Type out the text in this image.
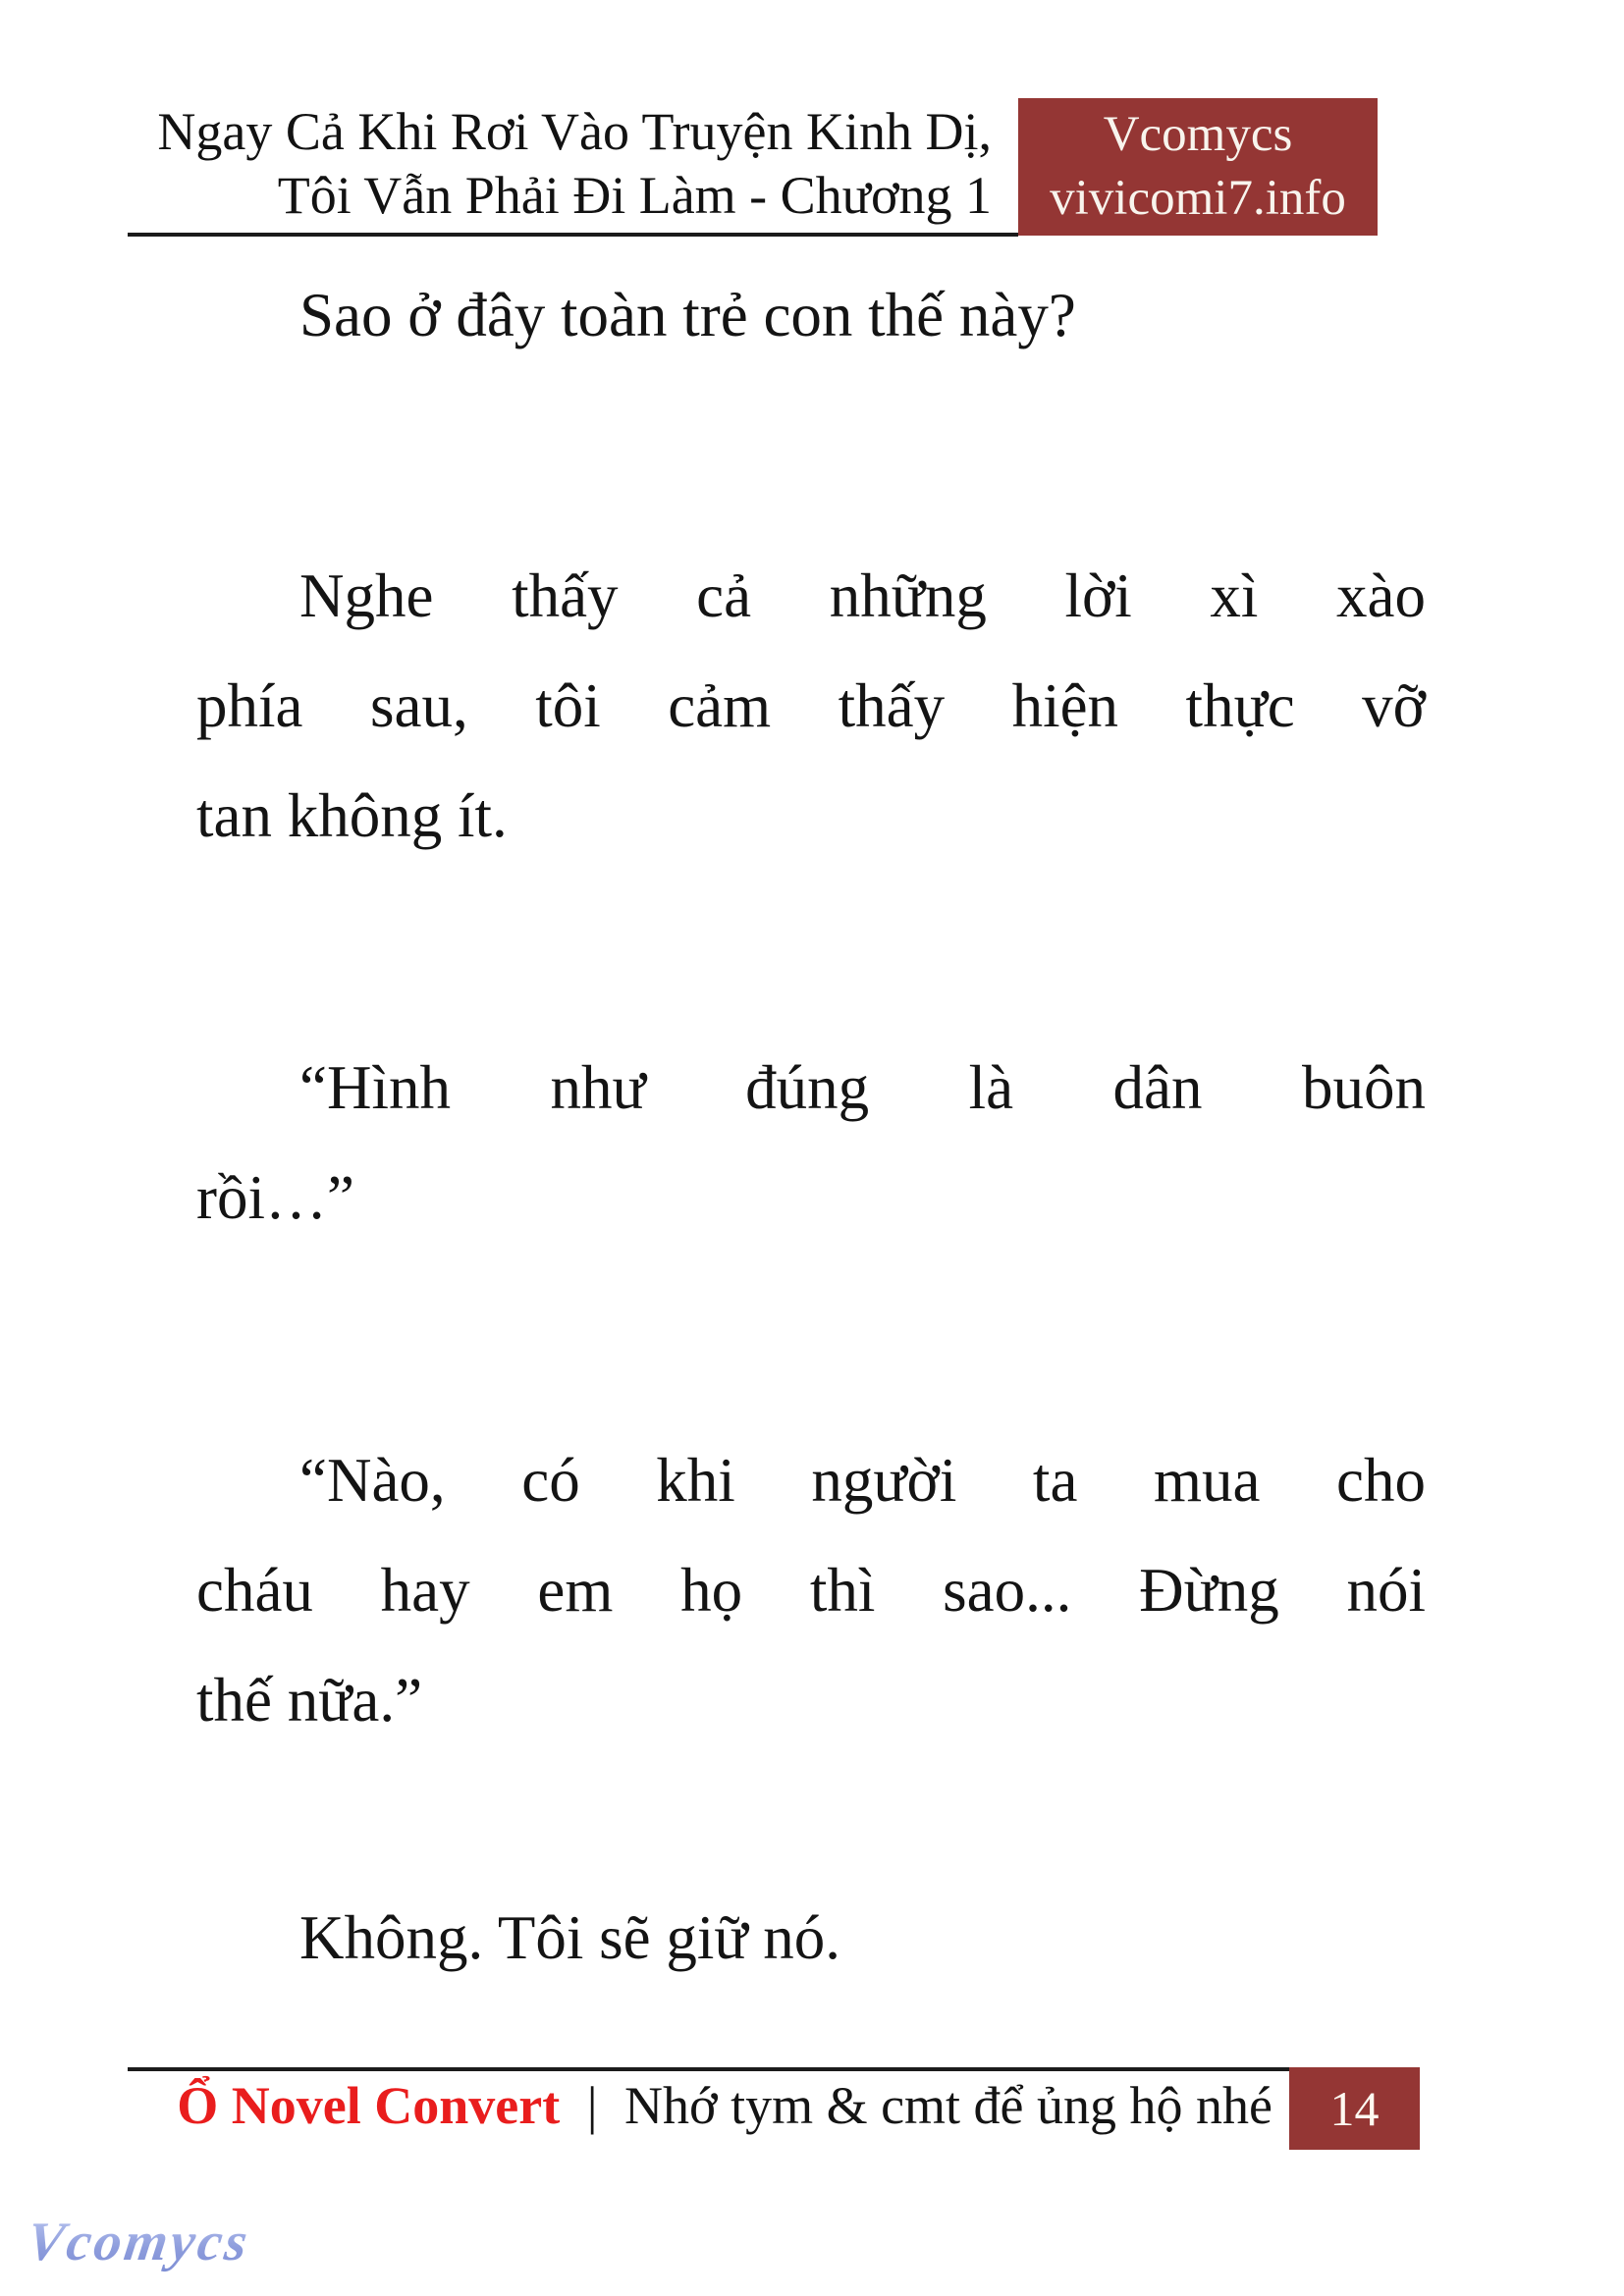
Ngay Cả Khi Rơi Vào Truyện Kinh Dị,
Tôi Vẫn Phải Đi Làm - Chương 1
Vcomycs
vivicomi7.info
Sao ở đây toàn trẻ con thế này?
Nghe thấy cả những lời xì xào
phía sau, tôi cảm thấy hiện thực vỡ
tan không ít.
“Hình như đúng là dân buôn
rồi…”
“Nào, có khi người ta mua cho
cháu hay em họ thì sao... Đừng nói
thế nữa.”
Không. Tôi sẽ giữ nó.
Ổ Novel Convert | Nhớ tym & cmt để ủng hộ nhé 14
Vcomycs
